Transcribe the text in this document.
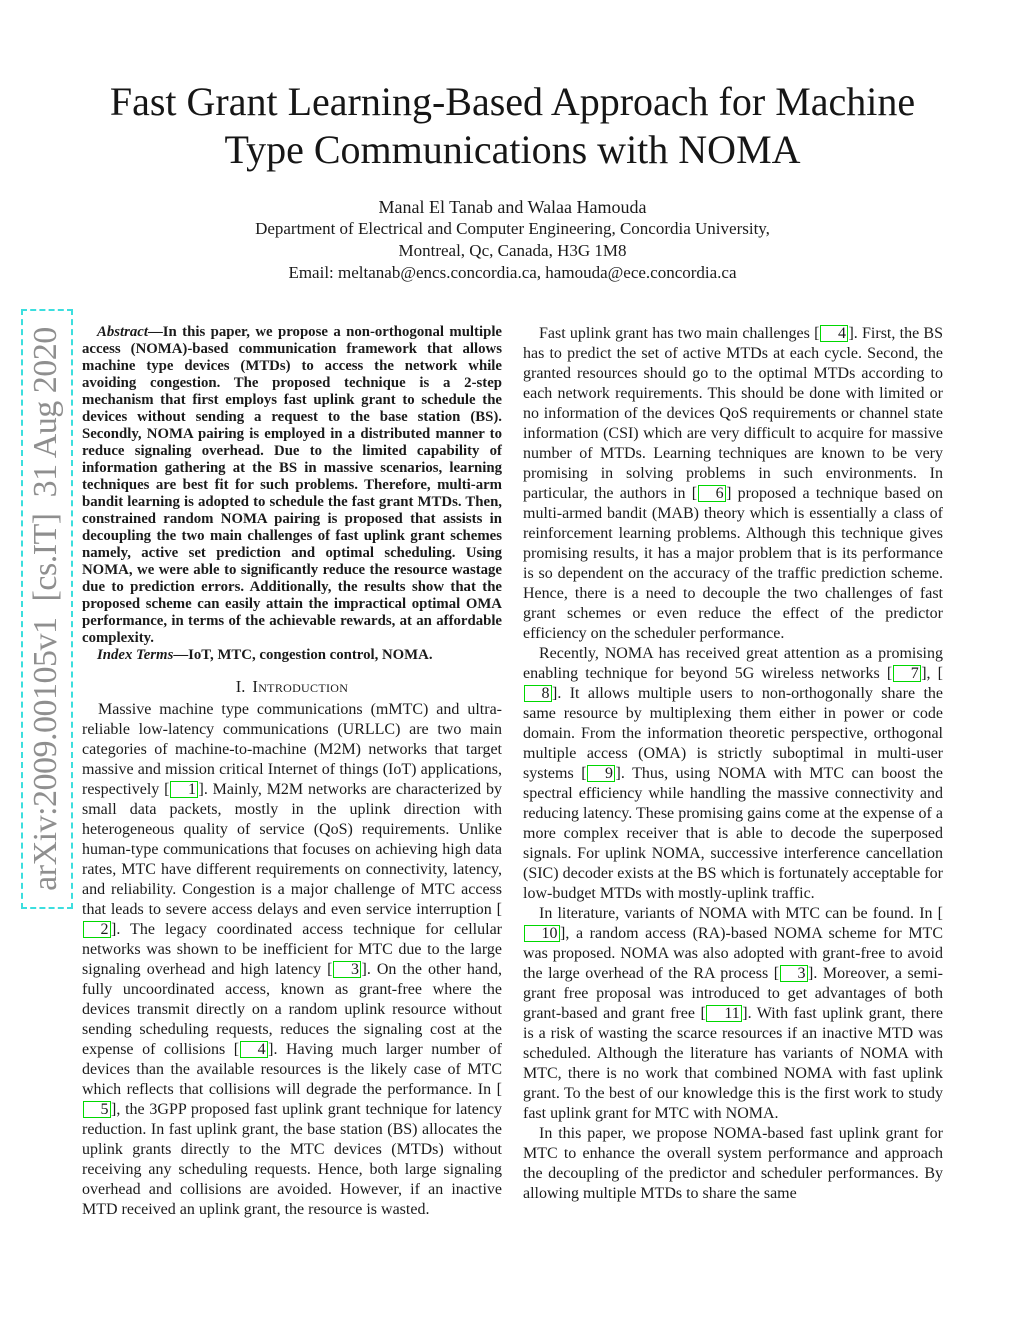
arXiv:2009.00105v1  [cs.IT]  31 Aug 2020
Fast Grant Learning-Based Approach for Machine
Type Communications with NOMA
Manal El Tanab and Walaa Hamouda
Department of Electrical and Computer Engineering, Concordia University,
Montreal, Qc, Canada, H3G 1M8
Email: meltanab@encs.concordia.ca, hamouda@ece.concordia.ca

Abstract—In this paper, we propose a non-orthogonal multiple access (NOMA)-based communication framework that allows machine type devices (MTDs) to access the network while avoiding congestion. The proposed technique is a 2-step mechanism that first employs fast uplink grant to schedule the devices without sending a request to the base station (BS). Secondly, NOMA pairing is employed in a distributed manner to reduce signaling overhead. Due to the limited capability of information gathering at the BS in massive scenarios, learning techniques are best fit for such problems. Therefore, multi-arm bandit learning is adopted to schedule the fast grant MTDs. Then, constrained random NOMA pairing is proposed that assists in decoupling the two main challenges of fast uplink grant schemes namely, active set prediction and optimal scheduling. Using NOMA, we were able to significantly reduce the resource wastage due to prediction errors. Additionally, the results show that the proposed scheme can easily attain the impractical optimal OMA performance, in terms of the achievable rewards, at an affordable complexity.

Index Terms—IoT, MTC, congestion control, NOMA.

I. Introduction

Massive machine type communications (mMTC) and ultra-reliable low-latency communications (URLLC) are two main categories of machine-to-machine (M2M) networks that target massive and mission critical Internet of things (IoT) applications, respectively [ 1 ]. Mainly, M2M networks are characterized by small data packets, mostly in the uplink direction with heterogeneous quality of service (QoS) requirements. Unlike human-type communications that focuses on achieving high data rates, MTC have different requirements on connectivity, latency, and reliability. Congestion is a major challenge of MTC access that leads to severe access delays and even service interruption [2 ]. The legacy coordinated access technique for cellular networks was shown to be inefficient for MTC due to the large signaling overhead and high latency [ 3 ]. On the other hand, fully uncoordinated access, known as grant-free where the devices transmit directly on a random uplink resource without sending scheduling requests, reduces the signaling cost at the expense of collisions [ 4 ]. Having much larger number of devices than the available resources is the likely case of MTC which reflects that collisions will degrade the performance. In [5 ], the 3GPP proposed fast uplink grant technique for latency reduction. In fast uplink grant, the base station (BS) allocates the uplink grants directly to the MTC devices (MTDs) without receiving any scheduling requests. Hence, both large signaling overhead and collisions are avoided. However, if an inactive MTD received an uplink grant, the resource is wasted.

Fast uplink grant has two main challenges [ 4 ]. First, the BS has to predict the set of active MTDs at each cycle. Second, the granted resources should go to the optimal MTDs according to each network requirements. This should be done with limited or no information of the devices QoS requirements or channel state information (CSI) which are very difficult to acquire for massive number of MTDs. Learning techniques are known to be very promising in solving problems in such environments. In particular, the authors in [ 6 ] proposed a technique based on multi-armed bandit (MAB) theory which is essentially a class of reinforcement learning problems. Although this technique gives promising results, it has a major problem that is its performance is so dependent on the accuracy of the traffic prediction scheme. Hence, there is a need to decouple the two challenges of fast grant schemes or even reduce the effect of the predictor efficiency on the scheduler performance.

Recently, NOMA has received great attention as a promising enabling technique for beyond 5G wireless networks [ 7 ], [8 ]. It allows multiple users to non-orthogonally share the same resource by multiplexing them either in power or code domain. From the information theoretic perspective, orthogonal multiple access (OMA) is strictly suboptimal in multi-user systems [ 9 ]. Thus, using NOMA with MTC can boost the spectral efficiency while handling the massive connectivity and reducing latency. These promising gains come at the expense of a more complex receiver that is able to decode the superposed signals. For uplink NOMA, successive interference cancellation (SIC) decoder exists at the BS which is fortunately acceptable for low-budget MTDs with mostly-uplink traffic.

In literature, variants of NOMA with MTC can be found. In [10 ], a random access (RA)-based NOMA scheme for MTC was proposed. NOMA was also adopted with grant-free to avoid the large overhead of the RA process [ 3 ]. Moreover, a semi-grant free proposal was introduced to get advantages of both grant-based and grant free [ 11 ]. With fast uplink grant, there is a risk of wasting the scarce resources if an inactive MTD was scheduled. Although the literature has variants of NOMA with MTC, there is no work that combined NOMA with fast uplink grant. To the best of our knowledge this is the first work to study fast uplink grant for MTC with NOMA.

In this paper, we propose NOMA-based fast uplink grant for MTC to enhance the overall system performance and approach the decoupling of the predictor and scheduler performances. By allowing multiple MTDs to share the same
